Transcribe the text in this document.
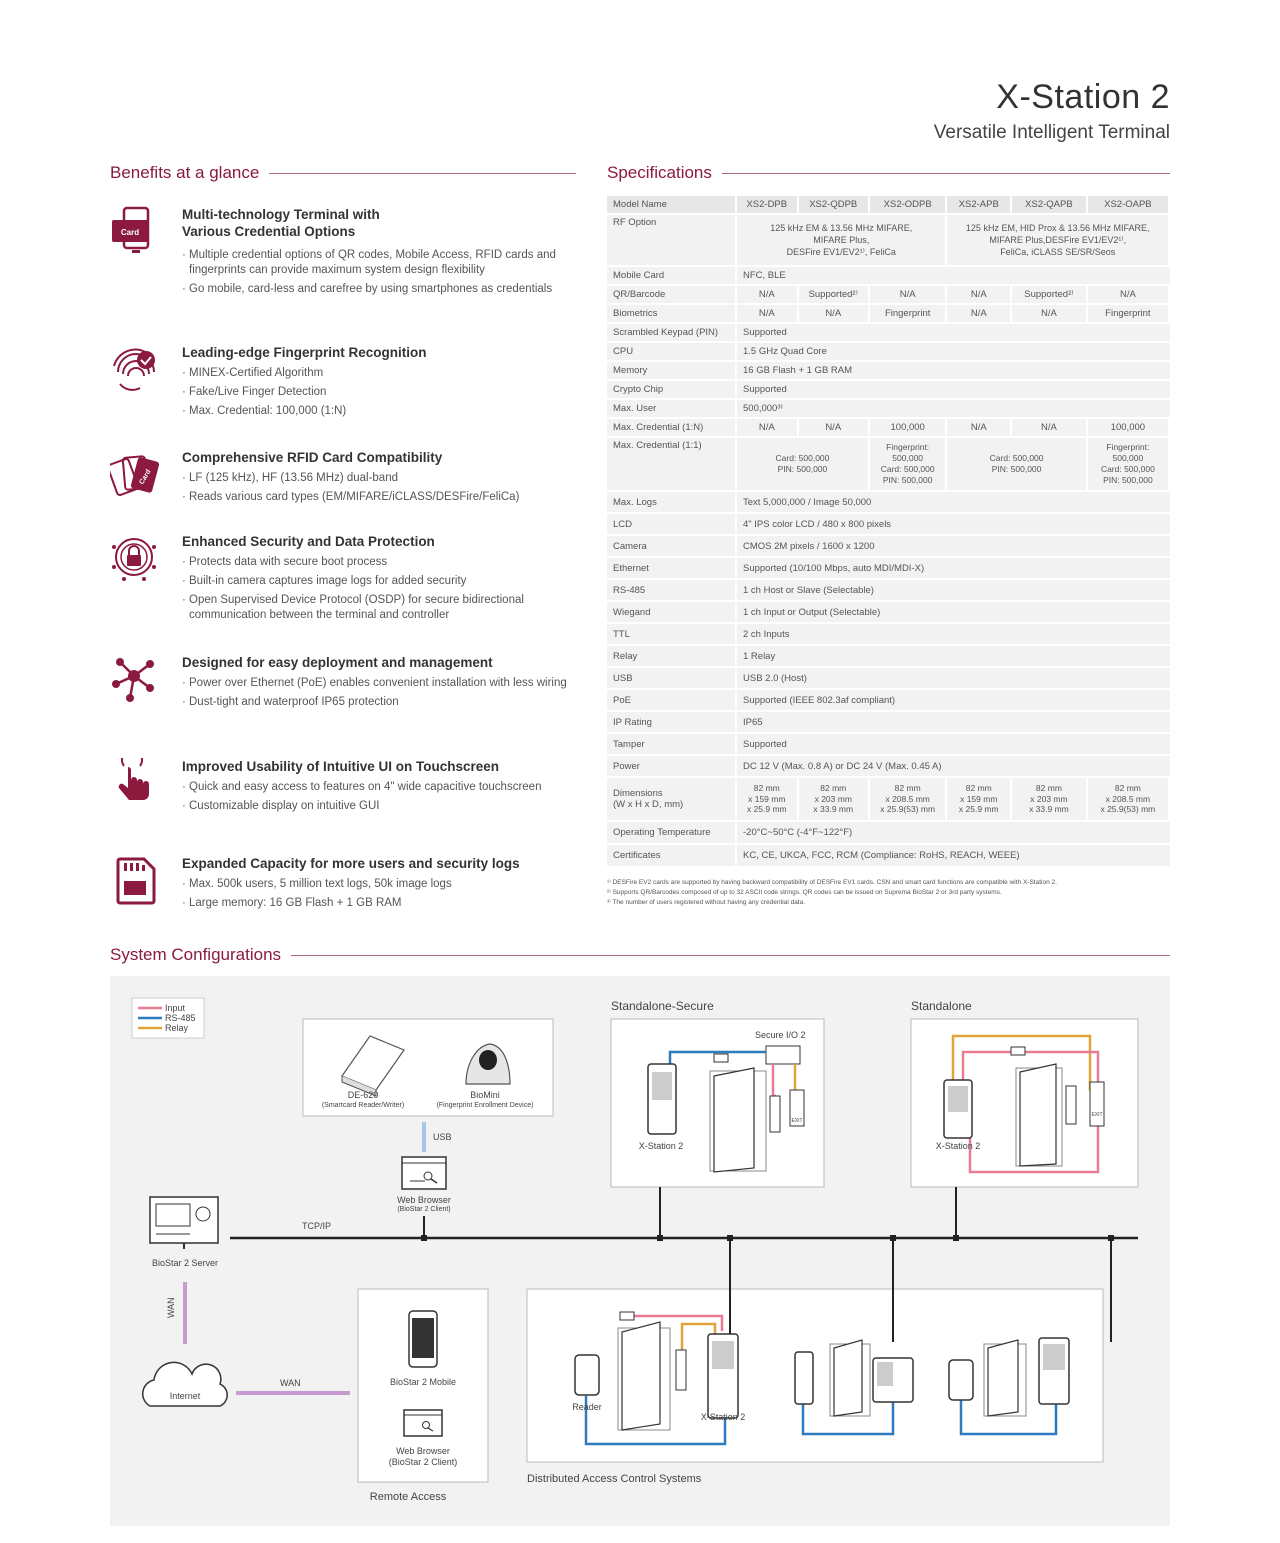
X-Station 2
Versatile Intelligent Terminal
Benefits at a glance
Card
Multi-technology Terminal with
Various Credential Options
· Multiple credential options of QR codes, Mobile Access, RFID cards and fingerprints can provide maximum system design flexibility
· Go mobile, card-less and carefree by using smartphones as credentials
Leading-edge Fingerprint Recognition
· MINEX-Certified Algorithm
· Fake/Live Finger Detection
· Max. Credential: 100,000 (1:N)
Card
Comprehensive RFID Card Compatibility
· LF (125 kHz), HF (13.56 MHz) dual-band
· Reads various card types (EM/MIFARE/iCLASS/DESFire/FeliCa)
Enhanced Security and Data Protection
· Protects data with secure boot process
· Built-in camera captures image logs for added security
· Open Supervised Device Protocol (OSDP) for secure bidirectional communication between the terminal and controller
Designed for easy deployment and management
· Power over Ethernet (PoE) enables convenient installation with less wiring
· Dust-tight and waterproof IP65 protection
Improved Usability of Intuitive UI on Touchscreen
· Quick and easy access to features on 4" wide capacitive touchscreen
· Customizable display on intuitive GUI
Expanded Capacity for more users and security logs
· Max. 500k users, 5 million text logs, 50k image logs
· Large memory: 16 GB Flash + 1 GB RAM
Specifications
Model Name	XS2-DPB	XS2-QDPB	XS2-ODPB	XS2-APB	XS2-QAPB	XS2-OAPB
RF Option	125 kHz EM & 13.56 MHz MIFARE,
MIFARE Plus,
DESFire EV1/EV2¹⁾, FeliCa			125 kHz EM, HID Prox & 13.56 MHz MIFARE,
MIFARE Plus,DESFire EV1/EV2¹⁾,
FeliCa, iCLASS SE/SR/Seos		
Mobile Card	NFC, BLE					
QR/Barcode	N/A	Supported²⁾	N/A	N/A	Supported²⁾	N/A
Biometrics	N/A	N/A	Fingerprint	N/A	N/A	Fingerprint
Scrambled Keypad (PIN)	Supported					
CPU	1.5 GHz Quad Core					
Memory	16 GB Flash + 1 GB RAM					
Crypto Chip	Supported					
Max. User	500,000³⁾					
Max. Credential (1:N)	N/A	N/A	100,000	N/A	N/A	100,000
Max. Credential (1:1)	Card: 500,000
PIN: 500,000		Fingerprint:
500,000
Card: 500,000
PIN: 500,000	Card: 500,000
PIN: 500,000		Fingerprint:
500,000
Card: 500,000
PIN: 500,000
Max. Logs	Text 5,000,000 / Image 50,000					
LCD	4" IPS color LCD / 480 x 800 pixels					
Camera	CMOS 2M pixels / 1600 x 1200					
Ethernet	Supported (10/100 Mbps, auto MDI/MDI-X)					
RS-485	1 ch Host or Slave (Selectable)					
Wiegand	1 ch Input or Output (Selectable)					
TTL	2 ch Inputs					
Relay	1 Relay					
USB	USB 2.0 (Host)					
PoE	Supported (IEEE 802.3af compliant)					
IP Rating	IP65					
Tamper	Supported					
Power	DC 12 V (Max. 0.8 A) or DC 24 V (Max. 0.45 A)					
Dimensions
(W x H x D, mm)	82 mm
x 159 mm
x 25.9 mm	82 mm
x 203 mm
x 33.9 mm	82 mm
x 208.5 mm
x 25.9(53) mm	82 mm
x 159 mm
x 25.9 mm	82 mm
x 203 mm
x 33.9 mm	82 mm
x 208.5 mm
x 25.9(53) mm
Operating Temperature	-20°C~50°C (-4°F~122°F)					
Certificates	KC, CE, UKCA, FCC, RCM (Compliance: RoHS, REACH, WEEE)					
¹⁾ DESFire EV2 cards are supported by having backward compatibility of DESFire EV1 cards. CSN and smart card functions are compatible with X-Station 2.
²⁾ Supports QR/Barcodes composed of up to 32 ASCII code strings. QR codes can be issued on Suprema BioStar 2 or 3rd party systems.
³⁾ The number of users registered without having any credential data.
System Configurations
Input
RS-485
Relay
DE-620
(Smartcard Reader/Writer)
BioMini
(Fingerprint Enrollment Device)
USB
Web Browser
(BioStar 2 Client)
BioStar 2 Server
TCP/IP
WAN
Internet
WAN	BioStar 2 Mobile
Web Browser
(BioStar 2 Client)
Remote Access
Standalone-Secure
Secure I/O 2
X-Station 2
EXIT
Standalone
X-Station 2
EXIT
Distributed Access Control Systems
Reader
X-Station 2
